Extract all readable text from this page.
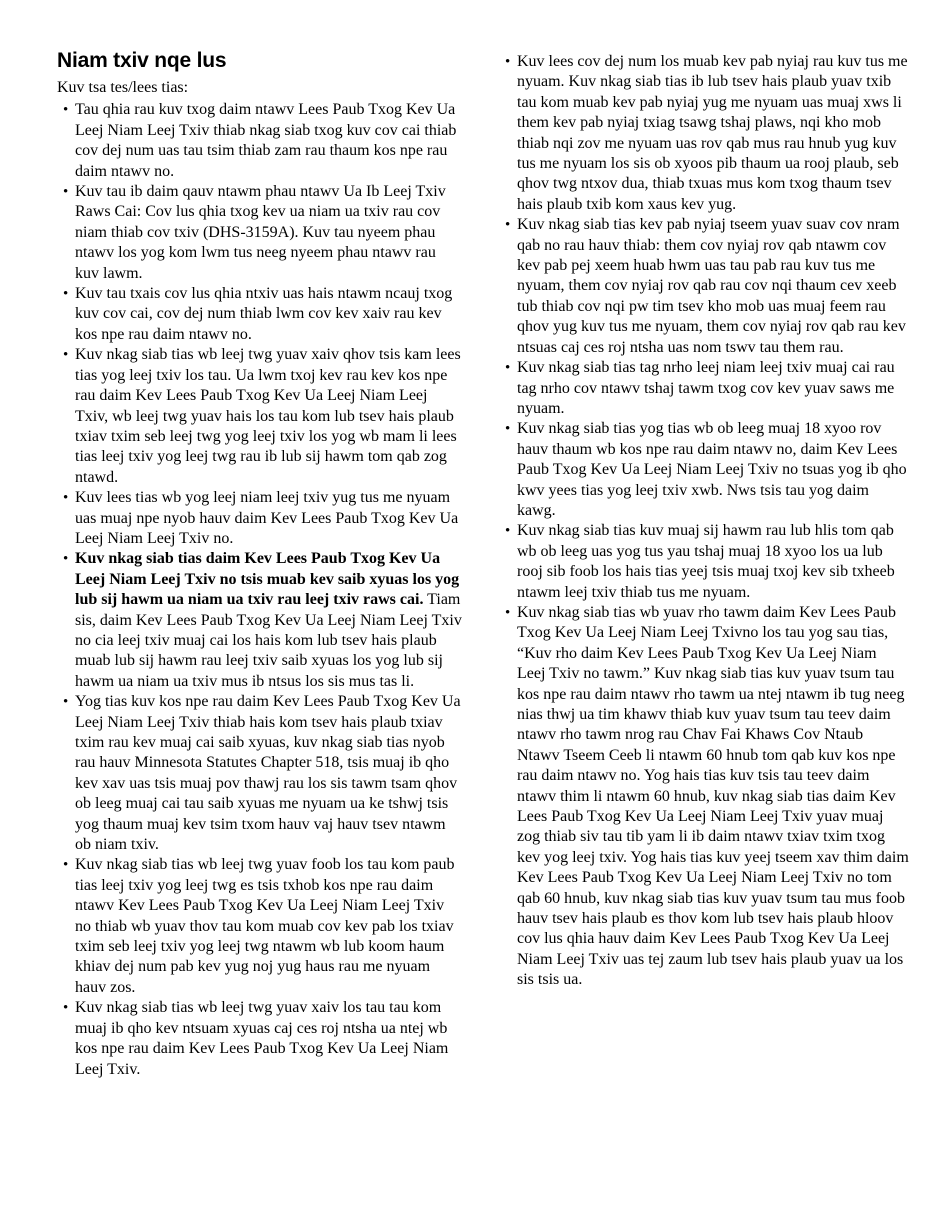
Niam txiv nqe lus

Kuv tsa tes/lees tias:

• Tau qhia rau kuv txog daim ntawv Lees Paub Txog Kev Ua Leej Niam Leej Txiv thiab nkag siab txog kuv cov cai thiab cov dej num uas tau tsim thiab zam rau thaum kos npe rau daim ntawv no.
• Kuv tau ib daim qauv ntawm phau ntawv Ua Ib Leej Txiv Raws Cai: Cov lus qhia txog kev ua niam ua txiv rau cov niam thiab cov txiv (DHS-3159A). Kuv tau nyeem phau ntawv los yog kom lwm tus neeg nyeem phau ntawv rau kuv lawm.
• Kuv tau txais cov lus qhia ntxiv uas hais ntawm ncauj txog kuv cov cai, cov dej num thiab lwm cov kev xaiv rau kev kos npe rau daim ntawv no.
• Kuv nkag siab tias wb leej twg yuav xaiv qhov tsis kam lees tias yog leej txiv los tau. Ua lwm txoj kev rau kev kos npe rau daim Kev Lees Paub Txog Kev Ua Leej Niam Leej Txiv, wb leej twg yuav hais los tau kom lub tsev hais plaub txiav txim seb leej twg yog leej txiv los yog wb mam li lees tias leej txiv yog leej twg rau ib lub sij hawm tom qab zog ntawd.
• Kuv lees tias wb yog leej niam leej txiv yug tus me nyuam uas muaj npe nyob hauv daim Kev Lees Paub Txog Kev Ua Leej Niam Leej Txiv no.
• Kuv nkag siab tias daim Kev Lees Paub Txog Kev Ua Leej Niam Leej Txiv no tsis muab kev saib xyuas los yog lub sij hawm ua niam ua txiv rau leej txiv raws cai. Tiam sis, daim Kev Lees Paub Txog Kev Ua Leej Niam Leej Txiv no cia leej txiv muaj cai los hais kom lub tsev hais plaub muab lub sij hawm rau leej txiv saib xyuas los yog lub sij hawm ua niam ua txiv mus ib ntsus los sis mus tas li.
• Yog tias kuv kos npe rau daim Kev Lees Paub Txog Kev Ua Leej Niam Leej Txiv thiab hais kom tsev hais plaub txiav txim rau kev muaj cai saib xyuas, kuv nkag siab tias nyob rau hauv Minnesota Statutes Chapter 518, tsis muaj ib qho kev xav uas tsis muaj pov thawj rau los sis tawm tsam qhov ob leeg muaj cai tau saib xyuas me nyuam ua ke tshwj tsis yog thaum muaj kev tsim txom hauv vaj hauv tsev ntawm ob niam txiv.
• Kuv nkag siab tias wb leej twg yuav foob los tau kom paub tias leej txiv yog leej twg es tsis txhob kos npe rau daim ntawv Kev Lees Paub Txog Kev Ua Leej Niam Leej Txiv no thiab wb yuav thov tau kom muab cov kev pab los txiav txim seb leej txiv yog leej twg ntawm wb lub koom haum khiav dej num pab kev yug noj yug haus rau me nyuam hauv zos.
• Kuv nkag siab tias wb leej twg yuav xaiv los tau tau kom muaj ib qho kev ntsuam xyuas caj ces roj ntsha ua ntej wb kos npe rau daim Kev Lees Paub Txog Kev Ua Leej Niam Leej Txiv.
• Kuv lees cov dej num los muab kev pab nyiaj rau kuv tus me nyuam. Kuv nkag siab tias ib lub tsev hais plaub yuav txib tau kom muab kev pab nyiaj yug me nyuam uas muaj xws li them kev pab nyiaj txiag tsawg tshaj plaws, nqi kho mob thiab nqi zov me nyuam uas rov qab mus rau hnub yug kuv tus me nyuam los sis ob xyoos pib thaum ua rooj plaub, seb qhov twg ntxov dua, thiab txuas mus kom txog thaum tsev hais plaub txib kom xaus kev yug.
• Kuv nkag siab tias kev pab nyiaj tseem yuav suav cov nram qab no rau hauv thiab: them cov nyiaj rov qab ntawm cov kev pab pej xeem huab hwm uas tau pab rau kuv tus me nyuam, them cov nyiaj rov qab rau cov nqi thaum cev xeeb tub thiab cov nqi pw tim tsev kho mob uas muaj feem rau qhov yug kuv tus me nyuam, them cov nyiaj rov qab rau kev ntsuas caj ces roj ntsha uas nom tswv tau them rau.
• Kuv nkag siab tias tag nrho leej niam leej txiv muaj cai rau tag nrho cov ntawv tshaj tawm txog cov kev yuav saws me nyuam.
• Kuv nkag siab tias yog tias wb ob leeg muaj 18 xyoo rov hauv thaum wb kos npe rau daim ntawv no, daim Kev Lees Paub Txog Kev Ua Leej Niam Leej Txiv no tsuas yog ib qho kwv yees tias yog leej txiv xwb. Nws tsis tau yog daim kawg.
• Kuv nkag siab tias kuv muaj sij hawm rau lub hlis tom qab wb ob leeg uas yog tus yau tshaj muaj 18 xyoo los ua lub rooj sib foob los hais tias yeej tsis muaj txoj kev sib txheeb ntawm leej txiv thiab tus me nyuam.
• Kuv nkag siab tias wb yuav rho tawm daim Kev Lees Paub Txog Kev Ua Leej Niam Leej Txivno los tau yog sau tias, “Kuv rho daim Kev Lees Paub Txog Kev Ua Leej Niam Leej Txiv no tawm.” Kuv nkag siab tias kuv yuav tsum tau kos npe rau daim ntawv rho tawm ua ntej ntawm ib tug neeg nias thwj ua tim khawv thiab kuv yuav tsum tau teev daim ntawv rho tawm nrog rau Chav Fai Khaws Cov Ntaub Ntawv Tseem Ceeb li ntawm 60 hnub tom qab kuv kos npe rau daim ntawv no. Yog hais tias kuv tsis tau teev daim ntawv thim li ntawm 60 hnub, kuv nkag siab tias daim Kev Lees Paub Txog Kev Ua Leej Niam Leej Txiv yuav muaj zog thiab siv tau tib yam li ib daim ntawv txiav txim txog kev yog leej txiv. Yog hais tias kuv yeej tseem xav thim daim Kev Lees Paub Txog Kev Ua Leej Niam Leej Txiv no tom qab 60 hnub, kuv nkag siab tias kuv yuav tsum tau mus foob hauv tsev hais plaub es thov kom lub tsev hais plaub hloov cov lus qhia hauv daim Kev Lees Paub Txog Kev Ua Leej Niam Leej Txiv uas tej zaum lub tsev hais plaub yuav ua los sis tsis ua.
